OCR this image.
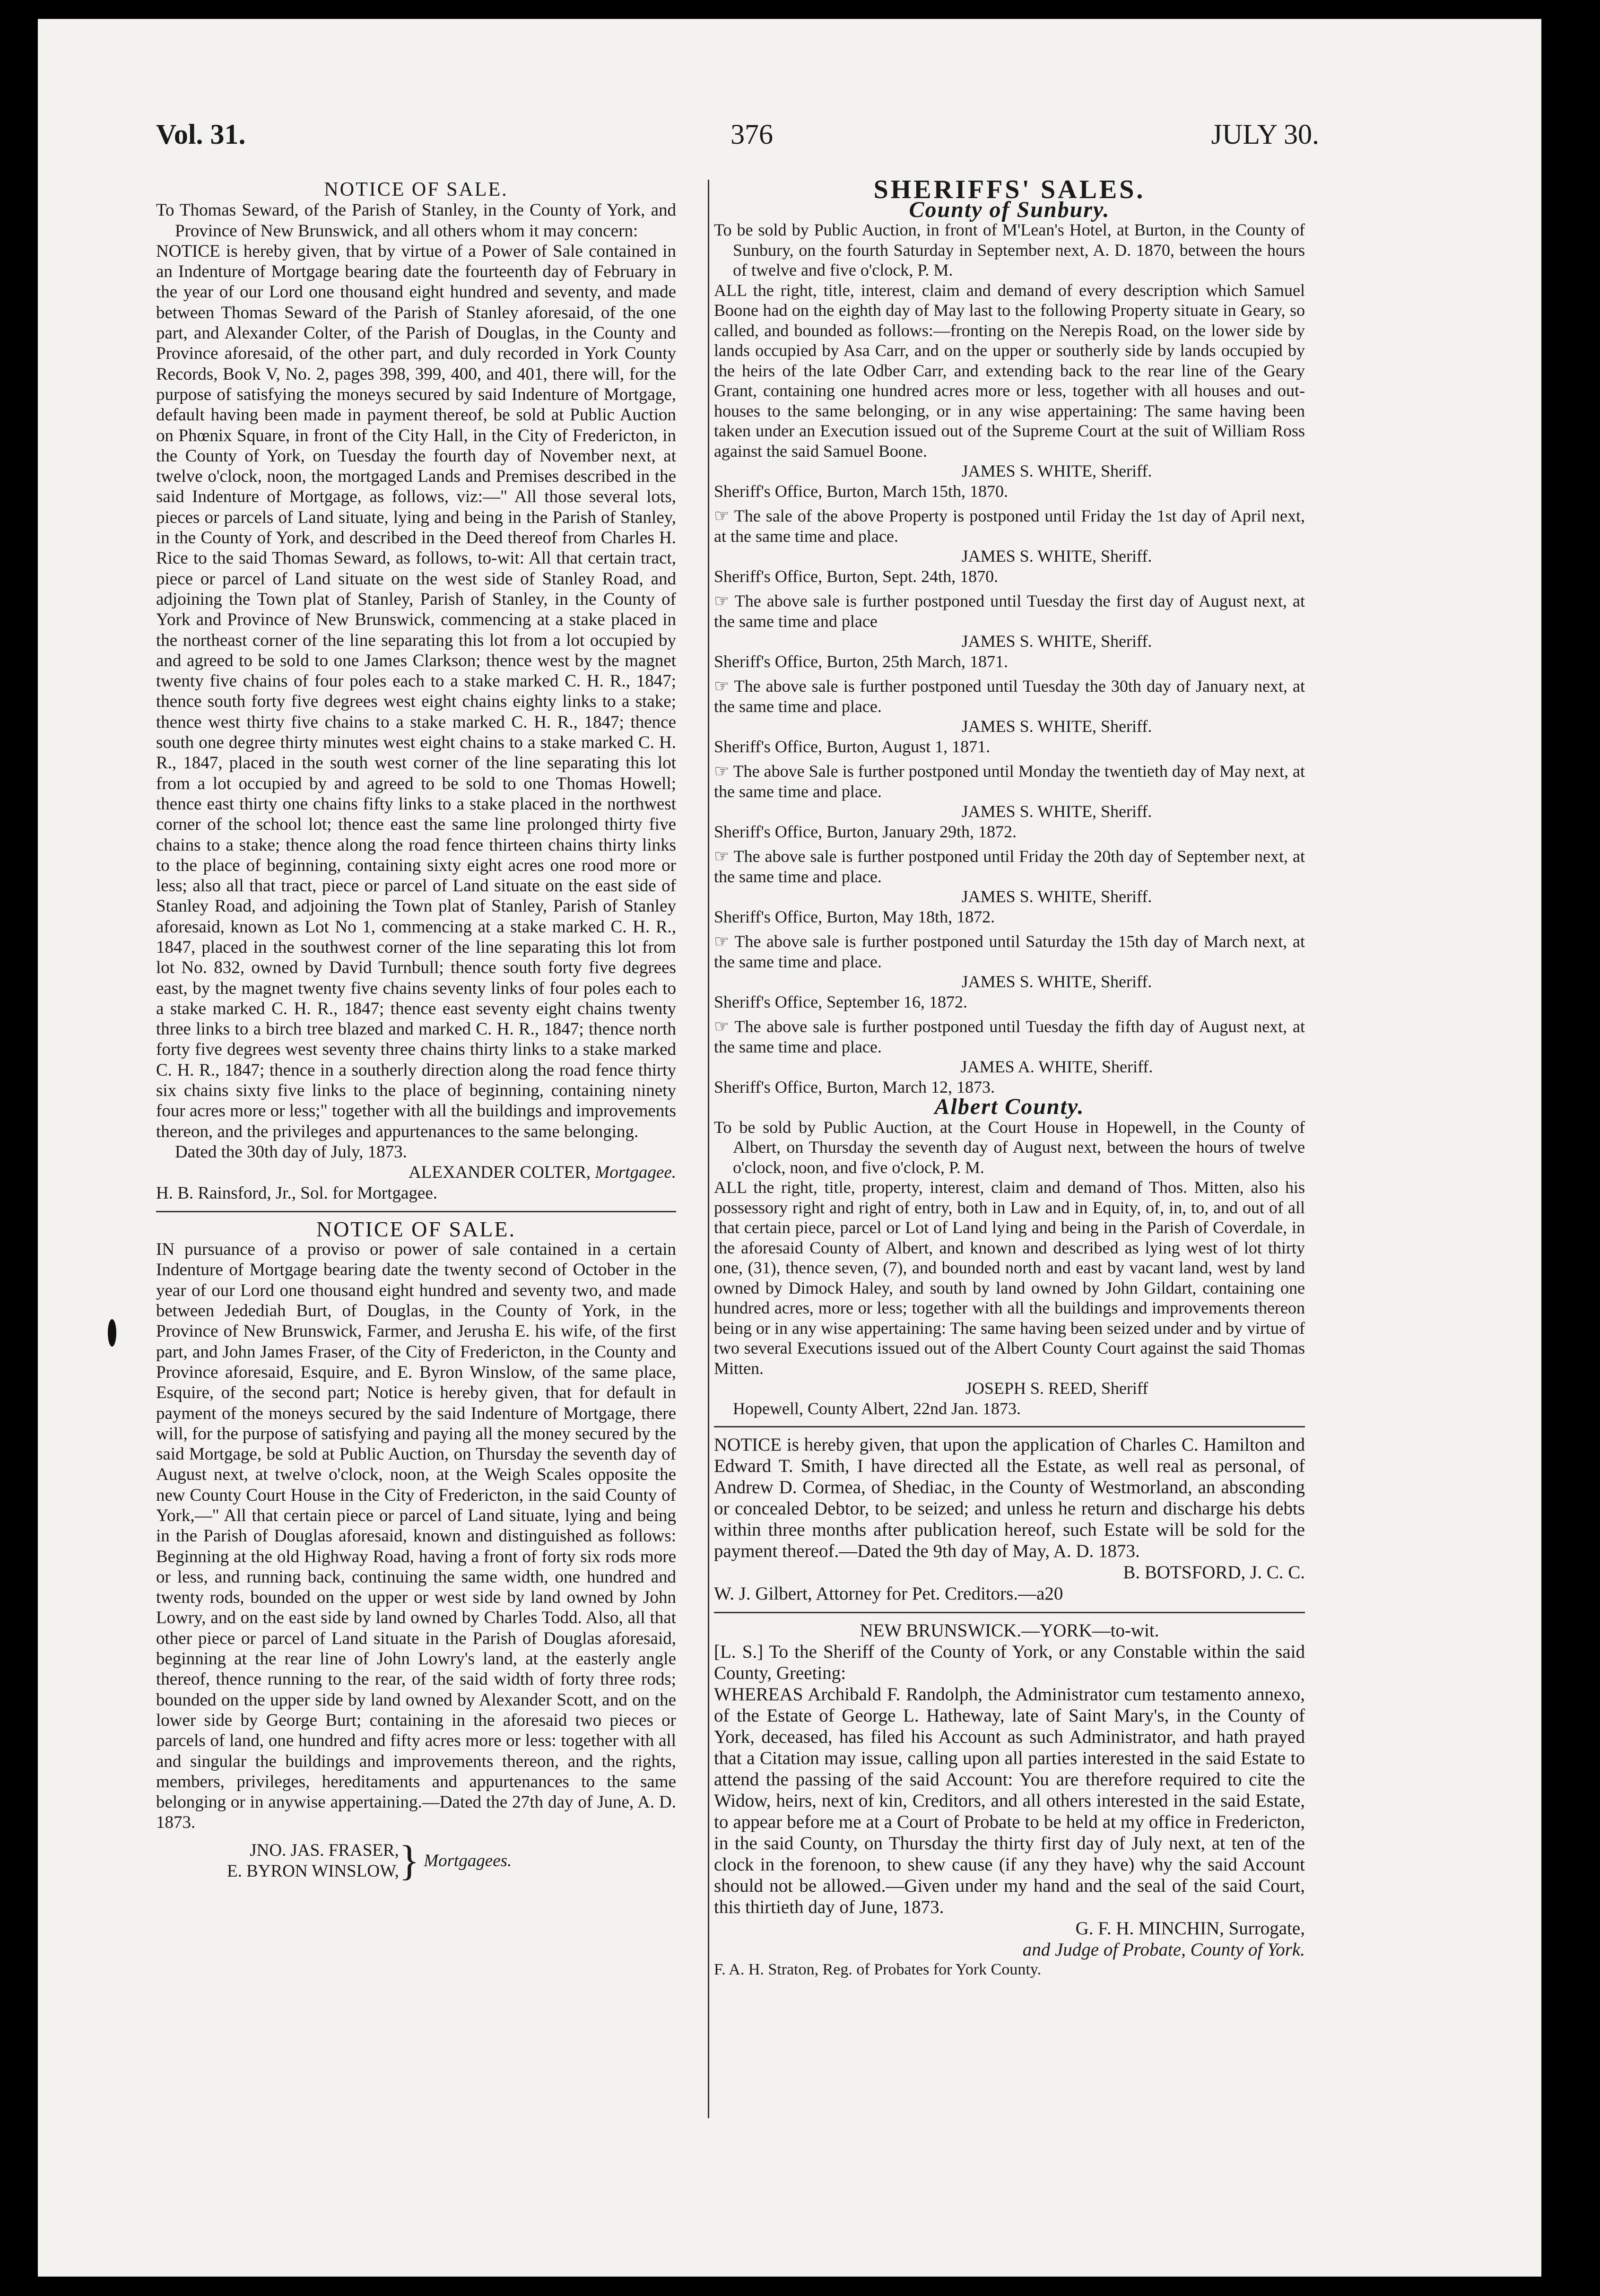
Vol. 31.	376	JULY 30.

NOTICE OF SALE.

To Thomas Seward, of the Parish of Stanley, in the County of York, and Province of New Brunswick, and all others whom it may concern:

NOTICE is hereby given, that by virtue of a Power of Sale contained in an Indenture of Mortgage bearing date the fourteenth day of February in the year of our Lord one thousand eight hundred and seventy, and made between Thomas Seward of the Parish of Stanley aforesaid, of the one part, and Alexander Colter, of the Parish of Douglas, in the County and Province aforesaid, of the other part, and duly recorded in York County Records, Book V, No. 2, pages 398, 399, 400, and 401, there will, for the purpose of satisfying the moneys secured by said Indenture of Mortgage, default having been made in payment thereof, be sold at Public Auction on Phœnix Square, in front of the City Hall, in the City of Fredericton, in the County of York, on Tuesday the fourth day of November next, at twelve o'clock, noon, the mortgaged Lands and Premises described in the said Indenture of Mortgage, as follows, viz:—" All those several lots, pieces or parcels of Land situate, lying and being in the Parish of Stanley, in the County of York, and described in the Deed thereof from Charles H. Rice to the said Thomas Seward, as follows, to-wit: All that certain tract, piece or parcel of Land situate on the west side of Stanley Road, and adjoining the Town plat of Stanley, Parish of Stanley, in the County of York and Province of New Brunswick, commencing at a stake placed in the northeast corner of the line separating this lot from a lot occupied by and agreed to be sold to one James Clarkson; thence west by the magnet twenty five chains of four poles each to a stake marked C. H. R., 1847; thence south forty five degrees west eight chains eighty links to a stake; thence west thirty five chains to a stake marked C. H. R., 1847; thence south one degree thirty minutes west eight chains to a stake marked C. H. R., 1847, placed in the south west corner of the line separating this lot from a lot occupied by and agreed to be sold to one Thomas Howell; thence east thirty one chains fifty links to a stake placed in the northwest corner of the school lot; thence east the same line prolonged thirty five chains to a stake; thence along the road fence thirteen chains thirty links to the place of beginning, containing sixty eight acres one rood more or less; also all that tract, piece or parcel of Land situate on the east side of Stanley Road, and adjoining the Town plat of Stanley, Parish of Stanley aforesaid, known as Lot No 1, commencing at a stake marked C. H. R., 1847, placed in the southwest corner of the line separating this lot from lot No. 832, owned by David Turnbull; thence south forty five degrees east, by the magnet twenty five chains seventy links of four poles each to a stake marked C. H. R., 1847; thence east seventy eight chains twenty three links to a birch tree blazed and marked C. H. R., 1847; thence north forty five degrees west seventy three chains thirty links to a stake marked C. H. R., 1847; thence in a southerly direction along the road fence thirty six chains sixty five links to the place of beginning, containing ninety four acres more or less;" together with all the buildings and improvements thereon, and the privileges and appurtenances to the same belonging.

Dated the 30th day of July, 1873.

ALEXANDER COLTER, Mortgagee.

H. B. Rainsford, Jr., Sol. for Mortgagee.

NOTICE OF SALE.

IN pursuance of a proviso or power of sale contained in a certain Indenture of Mortgage bearing date the twenty second of October in the year of our Lord one thousand eight hundred and seventy two, and made between Jedediah Burt, of Douglas, in the County of York, in the Province of New Brunswick, Farmer, and Jerusha E. his wife, of the first part, and John James Fraser, of the City of Fredericton, in the County and Province aforesaid, Esquire, and E. Byron Winslow, of the same place, Esquire, of the second part; Notice is hereby given, that for default in payment of the moneys secured by the said Indenture of Mortgage, there will, for the purpose of satisfying and paying all the money secured by the said Mortgage, be sold at Public Auction, on Thursday the seventh day of August next, at twelve o'clock, noon, at the Weigh Scales opposite the new County Court House in the City of Fredericton, in the said County of York,—" All that certain piece or parcel of Land situate, lying and being in the Parish of Douglas aforesaid, known and distinguished as follows: Beginning at the old Highway Road, having a front of forty six rods more or less, and running back, continuing the same width, one hundred and twenty rods, bounded on the upper or west side by land owned by John Lowry, and on the east side by land owned by Charles Todd. Also, all that other piece or parcel of Land situate in the Parish of Douglas aforesaid, beginning at the rear line of John Lowry's land, at the easterly angle thereof, thence running to the rear, of the said width of forty three rods; bounded on the upper side by land owned by Alexander Scott, and on the lower side by George Burt; containing in the aforesaid two pieces or parcels of land, one hundred and fifty acres more or less: together with all and singular the buildings and improvements thereon, and the rights, members, privileges, hereditaments and appurtenances to the same belonging or in anywise appertaining.—Dated the 27th day of June, A. D. 1873.

JNO. JAS. FRASER,
E. BYRON WINSLOW, } Mortgagees.

SHERIFFS' SALES.

County of Sunbury.

To be sold by Public Auction, in front of M'Lean's Hotel, at Burton, in the County of Sunbury, on the fourth Saturday in September next, A. D. 1870, between the hours of twelve and five o'clock, P. M.

ALL the right, title, interest, claim and demand of every description which Samuel Boone had on the eighth day of May last to the following Property situate in Geary, so called, and bounded as follows:—fronting on the Nerepis Road, on the lower side by lands occupied by Asa Carr, and on the upper or southerly side by lands occupied by the heirs of the late Odber Carr, and extending back to the rear line of the Geary Grant, containing one hundred acres more or less, together with all houses and out-houses to the same belonging, or in any wise appertaining: The same having been taken under an Execution issued out of the Supreme Court at the suit of William Ross against the said Samuel Boone.

JAMES S. WHITE, Sheriff.

Sheriff's Office, Burton, March 15th, 1870.

☞ The sale of the above Property is postponed until Friday the 1st day of April next, at the same time and place.

JAMES S. WHITE, Sheriff.

Sheriff's Office, Burton, Sept. 24th, 1870.

☞ The above sale is further postponed until Tuesday the first day of August next, at the same time and place

JAMES S. WHITE, Sheriff.

Sheriff's Office, Burton, 25th March, 1871.

☞ The above sale is further postponed until Tuesday the 30th day of January next, at the same time and place.

JAMES S. WHITE, Sheriff.

Sheriff's Office, Burton, August 1, 1871.

☞ The above Sale is further postponed until Monday the twentieth day of May next, at the same time and place.

JAMES S. WHITE, Sheriff.

Sheriff's Office, Burton, January 29th, 1872.

☞ The above sale is further postponed until Friday the 20th day of September next, at the same time and place.

JAMES S. WHITE, Sheriff.

Sheriff's Office, Burton, May 18th, 1872.

☞ The above sale is further postponed until Saturday the 15th day of March next, at the same time and place.

JAMES S. WHITE, Sheriff.

Sheriff's Office, September 16, 1872.

☞ The above sale is further postponed until Tuesday the fifth day of August next, at the same time and place.

JAMES A. WHITE, Sheriff.

Sheriff's Office, Burton, March 12, 1873.

Albert County.

To be sold by Public Auction, at the Court House in Hopewell, in the County of Albert, on Thursday the seventh day of August next, between the hours of twelve o'clock, noon, and five o'clock, P. M.

ALL the right, title, property, interest, claim and demand of Thos. Mitten, also his possessory right and right of entry, both in Law and in Equity, of, in, to, and out of all that certain piece, parcel or Lot of Land lying and being in the Parish of Coverdale, in the aforesaid County of Albert, and known and described as lying west of lot thirty one, (31), thence seven, (7), and bounded north and east by vacant land, west by land owned by Dimock Haley, and south by land owned by John Gildart, containing one hundred acres, more or less; together with all the buildings and improvements thereon being or in any wise appertaining: The same having been seized under and by virtue of two several Executions issued out of the Albert County Court against the said Thomas Mitten.

JOSEPH S. REED, Sheriff

Hopewell, County Albert, 22nd Jan. 1873.

NOTICE is hereby given, that upon the application of Charles C. Hamilton and Edward T. Smith, I have directed all the Estate, as well real as personal, of Andrew D. Cormea, of Shediac, in the County of Westmorland, an absconding or concealed Debtor, to be seized; and unless he return and discharge his debts within three months after publication hereof, such Estate will be sold for the payment thereof.—Dated the 9th day of May, A. D. 1873.

B. BOTSFORD, J. C. C.

W. J. Gilbert, Attorney for Pet. Creditors.—a20

NEW BRUNSWICK.—YORK—to-wit.

[L. S.] To the Sheriff of the County of York, or any Constable within the said County, Greeting:

WHEREAS Archibald F. Randolph, the Administrator cum testamento annexo, of the Estate of George L. Hatheway, late of Saint Mary's, in the County of York, deceased, has filed his Account as such Administrator, and hath prayed that a Citation may issue, calling upon all parties interested in the said Estate to attend the passing of the said Account: You are therefore required to cite the Widow, heirs, next of kin, Creditors, and all others interested in the said Estate, to appear before me at a Court of Probate to be held at my office in Fredericton, in the said County, on Thursday the thirty first day of July next, at ten of the clock in the forenoon, to shew cause (if any they have) why the said Account should not be allowed.—Given under my hand and the seal of the said Court, this thirtieth day of June, 1873.

G. F. H. MINCHIN, Surrogate,

and Judge of Probate, County of York.

F. A. H. Straton, Reg. of Probates for York County.
